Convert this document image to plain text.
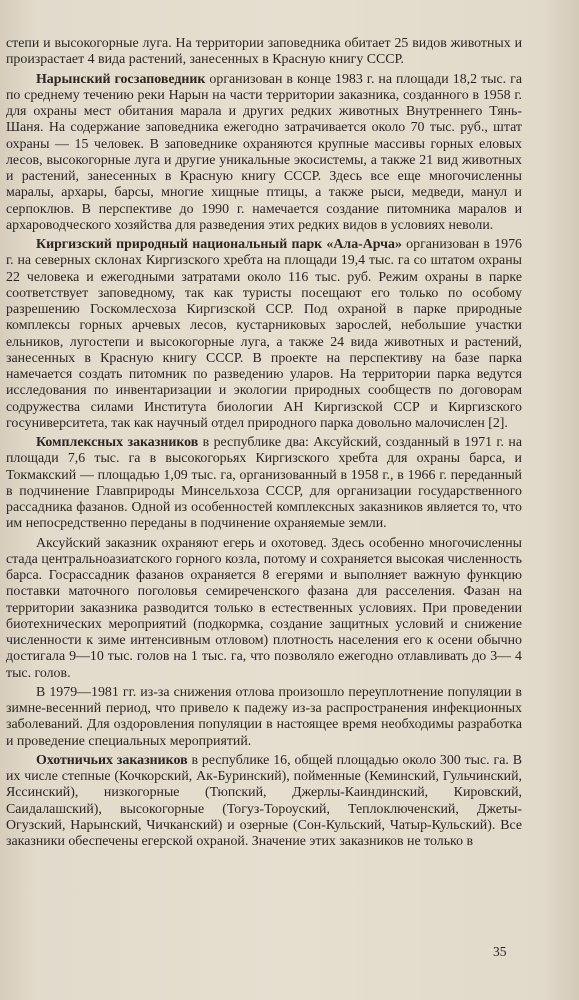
степи и высокогорные луга. На территории заповедника обитает 25 видов животных и произрастает 4 вида растений, занесенных в Красную книгу СССР.

Нарынский госзаповедник организован в конце 1983 г. на площади 18,2 тыс. га по среднему течению реки Нарын на части территории заказника, созданного в 1958 г. для охраны мест обитания марала и других редких животных Внутреннего Тянь-Шаня. На содержание заповедника ежегодно затрачивается около 70 тыс. руб., штат охраны — 15 человек. В заповеднике охраняются крупные массивы горных еловых лесов, высокогорные луга и другие уникальные экосистемы, а также 21 вид животных и растений, занесенных в Красную книгу СССР. Здесь все еще многочисленны маралы, архары, барсы, многие хищные птицы, а также рыси, медведи, манул и серпоклюв. В перспективе до 1990 г. намечается создание питомника маралов и архароводческого хозяйства для разведения этих редких видов в условиях неволи.

Киргизский природный национальный парк «Ала-Арча» организован в 1976 г. на северных склонах Киргизского хребта на площади 19,4 тыс. га со штатом охраны 22 человека и ежегодными затратами около 116 тыс. руб. Режим охраны в парке соответствует заповедному, так как туристы посещают его только по особому разрешению Госкомлесхоза Киргизской ССР. Под охраной в парке природные комплексы горных арчевых лесов, кустарниковых зарослей, небольшие участки ельников, лугостепи и высокогорные луга, а также 24 вида животных и растений, занесенных в Красную книгу СССР. В проекте на перспективу на базе парка намечается создать питомник по разведению уларов. На территории парка ведутся исследования по инвентаризации и экологии природных сообществ по договорам содружества силами Института биологии АН Киргизской ССР и Киргизского госуниверситета, так как научный отдел природного парка довольно малочислен [2].

Комплексных заказников в республике два: Аксуйский, созданный в 1971 г. на площади 7,6 тыс. га в высокогорьях Киргизского хребта для охраны барса, и Токмакский — площадью 1,09 тыс. га, организованный в 1958 г., в 1966 г. переданный в подчинение Главприроды Минсельхоза СССР, для организации государственного рассадника фазанов. Одной из особенностей комплексных заказников является то, что им непосредственно переданы в подчинение охраняемые земли.

Аксуйский заказник охраняют егерь и охотовед. Здесь особенно многочисленны стада центральноазиатского горного козла, потому и сохраняется высокая численность барса. Госрассадник фазанов охраняется 8 егерями и выполняет важную функцию поставки маточного поголовья семиреченского фазана для расселения. Фазан на территории заказника разводится только в естественных условиях. При проведении биотехнических мероприятий (подкормка, создание защитных условий и снижение численности к зиме интенсивным отловом) плотность населения его к осени обычно достигала 9—10 тыс. голов на 1 тыс. га, что позволяло ежегодно отлавливать до 3— 4 тыс. голов.

В 1979—1981 гг. из-за снижения отлова произошло переуплотнение популяции в зимне-весенний период, что привело к падежу из-за распространения инфекционных заболеваний. Для оздоровления популяции в настоящее время необходимы разработка и проведение специальных мероприятий.

Охотничьих заказников в республике 16, общей площадью около 300 тыс. га. В их числе степные (Кочкорский, Ак-Буринский), пойменные (Кеминский, Гульчинский, Ясcинский), низкогорные (Тюпский, Джерлы-Каиндинский, Кировский, Саидалашский), высокогорные (Тогуз-Тороуский, Теплоключенский, Джеты-Огузский, Нарынский, Чичканский) и озерные (Сон-Кульский, Чатыр-Кульский). Все заказники обеспечены егерской охраной. Значение этих заказников не только в

35
